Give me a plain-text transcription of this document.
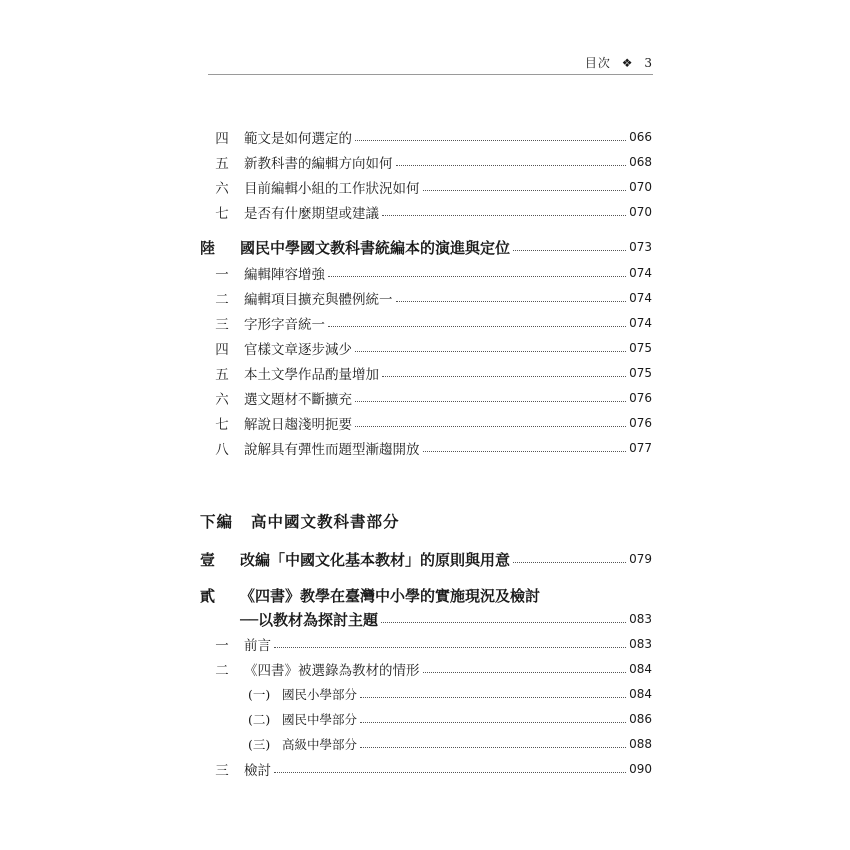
目次 ❖ 3
四	範文是如何選定的	066
五	新教科書的編輯方向如何	068
六	目前編輯小組的工作狀況如何	070
七	是否有什麼期望或建議	070
陸	國民中學國文教科書統編本的演進與定位	073
一	編輯陣容增強	074
二	編輯項目擴充與體例統一	074
三	字形字音統一	074
四	官樣文章逐步減少	075
五	本土文學作品酌量增加	075
六	選文題材不斷擴充	076
七	解說日趨淺明扼要	076
八	說解具有彈性而題型漸趨開放	077
下編 高中國文教科書部分
壹	改編「中國文化基本教材」的原則與用意	079
貳	《四書》教學在臺灣中小學的實施現況及檢討
──以教材為探討主題	083
一	前言	083
二	《四書》被選錄為教材的情形	084
(一) 國民小學部分	084
(二) 國民中學部分	086
(三) 高級中學部分	088
三	檢討	090
